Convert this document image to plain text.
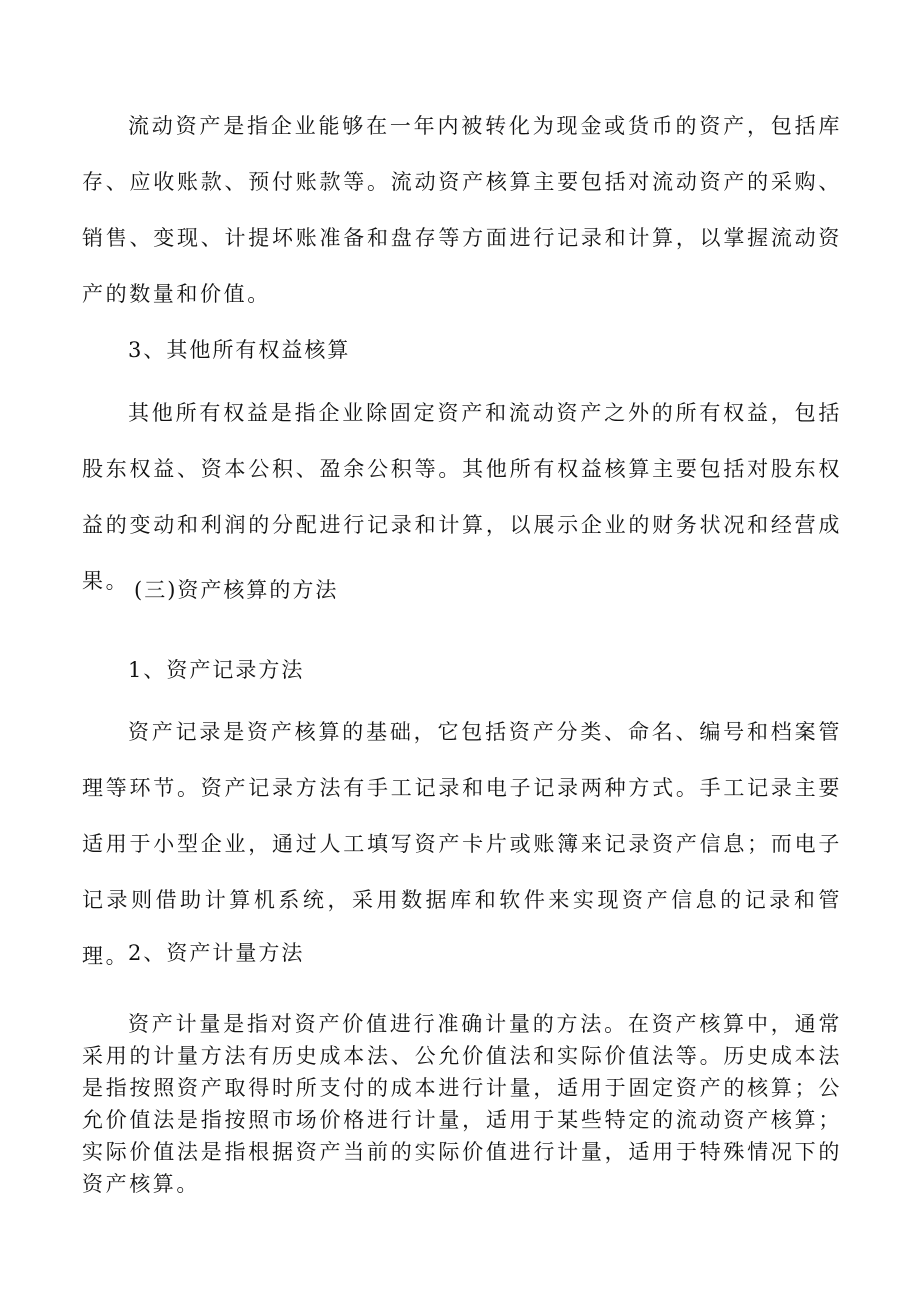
流动资产是指企业能够在一年内被转化为现金或货币的资产，包括库存、应收账款、预付账款等。流动资产核算主要包括对流动资产的采购、销售、变现、计提坏账准备和盘存等方面进行记录和计算，以掌握流动资产的数量和价值。

3、其他所有权益核算

其他所有权益是指企业除固定资产和流动资产之外的所有权益，包括股东权益、资本公积、盈余公积等。其他所有权益核算主要包括对股东权益的变动和利润的分配进行记录和计算，以展示企业的财务状况和经营成果。 (三)资产核算的方法
1、资产记录方法

资产记录是资产核算的基础，它包括资产分类、命名、编号和档案管理等环节。资产记录方法有手工记录和电子记录两种方式。手工记录主要适用于小型企业，通过人工填写资产卡片或账簿来记录资产信息；而电子记录则借助计算机系统，采用数据库和软件来实现资产信息的记录和管理。

2、资产计量方法

资产计量是指对资产价值进行准确计量的方法。在资产核算中，通常采用的计量方法有历史成本法、公允价值法和实际价值法等。历史成本法是指按照资产取得时所支付的成本进行计量，适用于固定资产的核算；公允价值法是指按照市场价格进行计量，适用于某些特定的流动资产核算；实际价值法是指根据资产当前的实际价值进行计量，适用于特殊情况下的资产核算。
